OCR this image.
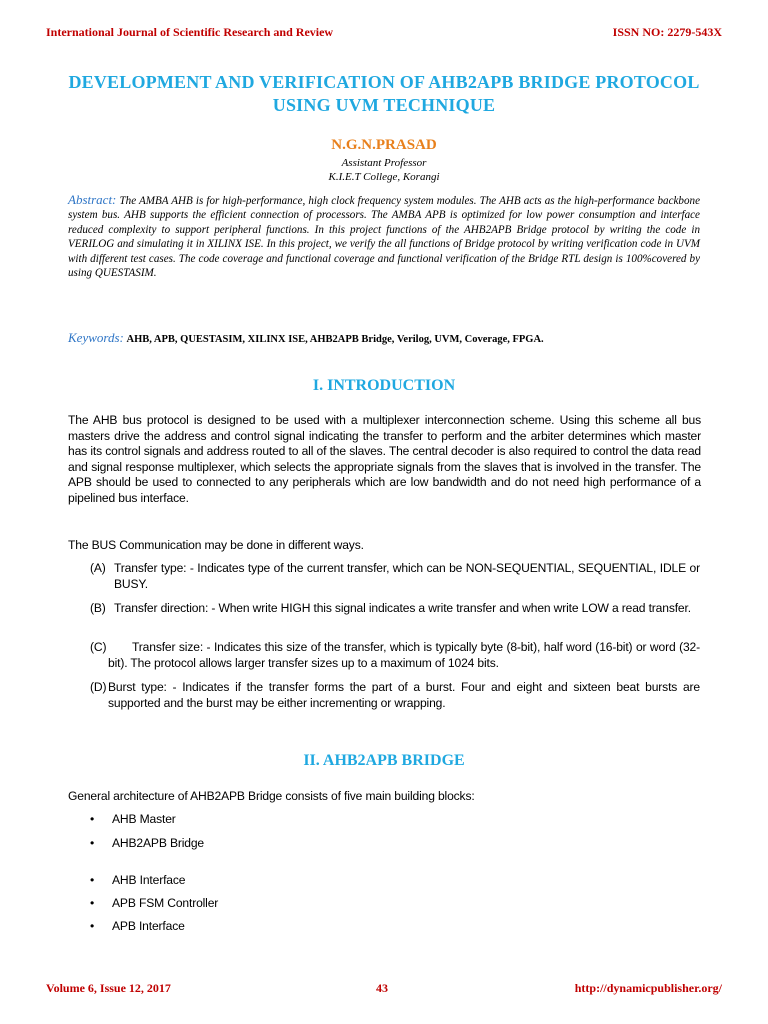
International Journal of Scientific Research and Review	ISSN NO: 2279-543X
DEVELOPMENT AND VERIFICATION OF AHB2APB BRIDGE PROTOCOL USING UVM TECHNIQUE
N.G.N.PRASAD
Assistant Professor
K.I.E.T College, Korangi
Abstract: The AMBA AHB is for high-performance, high clock frequency system modules. The AHB acts as the high-performance backbone system bus. AHB supports the efficient connection of processors. The AMBA APB is optimized for low power consumption and interface reduced complexity to support peripheral functions. In this project functions of the AHB2APB Bridge protocol by writing the code in VERILOG and simulating it in XILINX ISE. In this project, we verify the all functions of Bridge protocol by writing verification code in UVM with different test cases. The code coverage and functional coverage and functional verification of the Bridge RTL design is 100%covered by using QUESTASIM.
Keywords: AHB, APB, QUESTASIM, XILINX ISE, AHB2APB Bridge, Verilog, UVM, Coverage, FPGA.
I. INTRODUCTION
The AHB bus protocol is designed to be used with a multiplexer interconnection scheme. Using this scheme all bus masters drive the address and control signal indicating the transfer to perform and the arbiter determines which master has its control signals and address routed to all of the slaves. The central decoder is also required to control the data read and signal response multiplexer, which selects the appropriate signals from the slaves that is involved in the transfer. The APB should be used to connected to any peripherals which are low bandwidth and do not need high performance of a pipelined bus interface.
The BUS Communication may be done in different ways.
(A) Transfer type: - Indicates type of the current transfer, which can be NON-SEQUENTIAL, SEQUENTIAL, IDLE or BUSY.
(B) Transfer direction: - When write HIGH this signal indicates a write transfer and when write LOW a read transfer.
(C)	Transfer size: - Indicates this size of the transfer, which is typically byte (8-bit), half word (16-bit) or word (32-bit). The protocol allows larger transfer sizes up to a maximum of 1024 bits.
(D) Burst type: - Indicates if the transfer forms the part of a burst. Four and eight and sixteen beat bursts are supported and the burst may be either incrementing or wrapping.
II. AHB2APB BRIDGE
General architecture of AHB2APB Bridge consists of five main building blocks:
• AHB Master
• AHB2APB Bridge
• AHB Interface
• APB FSM Controller
• APB Interface
Volume 6, Issue 12, 2017	43	http://dynamicpublisher.org/
